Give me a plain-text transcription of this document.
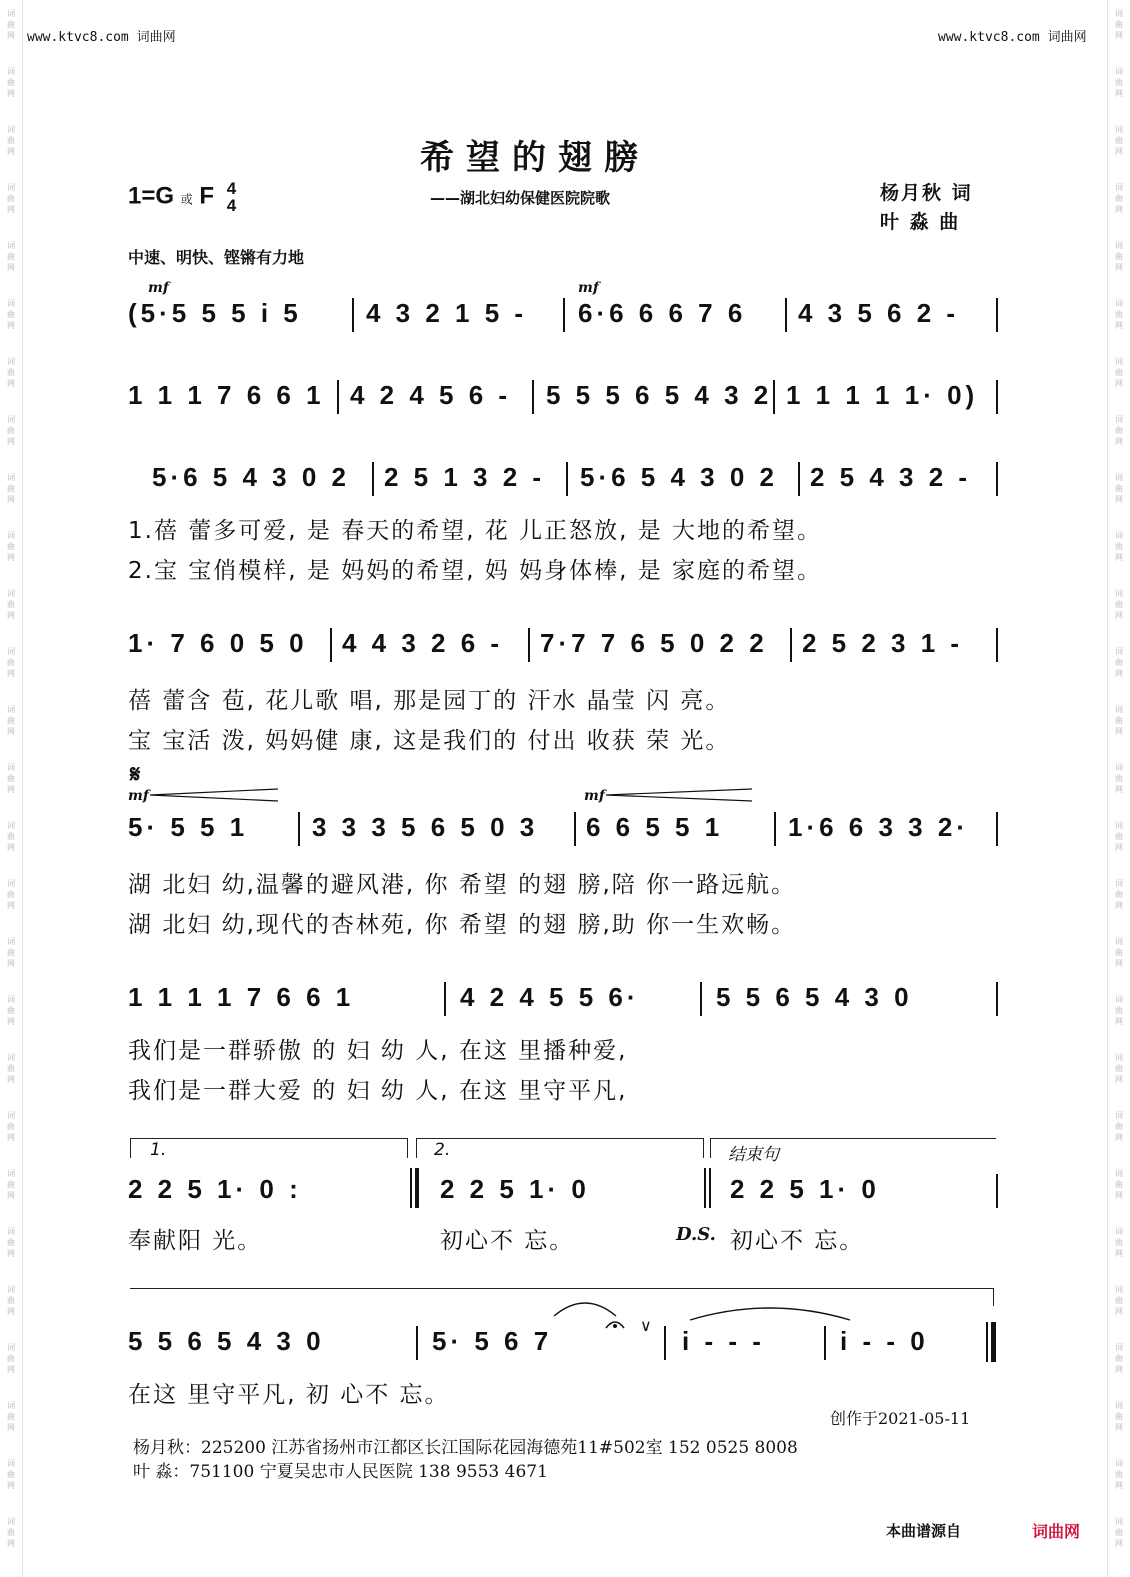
词
曲
网
词
曲
网
词
曲
网
词
曲
网
词
曲
网
词
曲
网
词
曲
网
词
曲
网
词
曲
网
词
曲
网
词
曲
网
词
曲
网
词
曲
网
词
曲
网
词
曲
网
词
曲
网
词
曲
网
词
曲
网
词
曲
网
词
曲
网
词
曲
网
词
曲
网
词
曲
网
词
曲
网
词
曲
网
词
曲
网
词
曲
网
词
曲
网
词
曲
网
词
曲
网
词
曲
网
词
曲
网
词
曲
网
词
曲
网
词
曲
网
词
曲
网
词
曲
网
词
曲
网
词
曲
网
词
曲
网
词
曲
网
词
曲
网
词
曲
网
词
曲
网
词
曲
网
词
曲
网
词
曲
网
词
曲
网
词
曲
网
词
曲
网
词
曲
网
词
曲
网
词
曲
网
词
曲
网
www.ktvc8.com 词曲网	www.ktvc8.com 词曲网
希望的翅膀
——湖北妇幼保健医院院歌	杨月秋 词
叶 淼 曲
1=G 或 F 4
4
中速、明快、铿锵有力地
mf	mf
(5·5 5 5 i 5 4 3 2 1 5 - 6·6 6 6 7 6 4 3 5 6 2 -
1 1 1 7 6 6 1 4 2 4 5 6 - 5 5 5 6 5 4 3 2 1 1 1 1 1· 0)
5·6 5 4 3 0 2 2 5 1 3 2 - 5·6 5 4 3 0 2 2 5 4 3 2 -
1.蓓 蕾多可爱, 是 春天的希望, 花 儿正怒放, 是 大地的希望。
2.宝 宝俏模样, 是 妈妈的希望, 妈 妈身体棒, 是 家庭的希望。
1· 7 6 0 5 0 4 4 3 2 6 - 7·7 7 6 5 0 2 2 2 5 2 3 1 -
蓓 蕾含 苞, 花儿歌 唱, 那是园丁的 汗水 晶莹 闪 亮。
宝 宝活 泼, 妈妈健 康, 这是我们的 付出 收获 荣 光。
𝄋
mf	mf
5· 5 5 1 3 3 3 5 6 5 0 3 6 6 5 5 1 1·6 6 3 3 2·
湖 北妇 幼,温馨的避风港, 你 希望 的翅 膀,陪 你一路远航。
湖 北妇 幼,现代的杏林苑, 你 希望 的翅 膀,助 你一生欢畅。
1 1 1 1 7 6 6 1	4 2 4 5 5 6·	5 5 6 5 4 3 0
我们是一群骄傲 的 妇 幼 人, 在这 里播种爱,
我们是一群大爱 的 妇 幼 人, 在这 里守平凡,
1.	2.	结束句
2 2 5 1· 0 :	2 2 5 1· 0	2 2 5 1· 0
奉献阳 光。	初心不 忘。	D.S. 初心不 忘。
∨
5 5 6 5 4 3 0	5· 5 6 7	i - - -	i - - 0
在这 里守平凡, 初 心不 忘。
创作于2021-05-11
杨月秋：225200 江苏省扬州市江都区长江国际花园海德苑11#502室 152 0525 8008
叶 淼：751100 宁夏吴忠市人民医院 138 9553 4671
本曲谱源自	词曲网
